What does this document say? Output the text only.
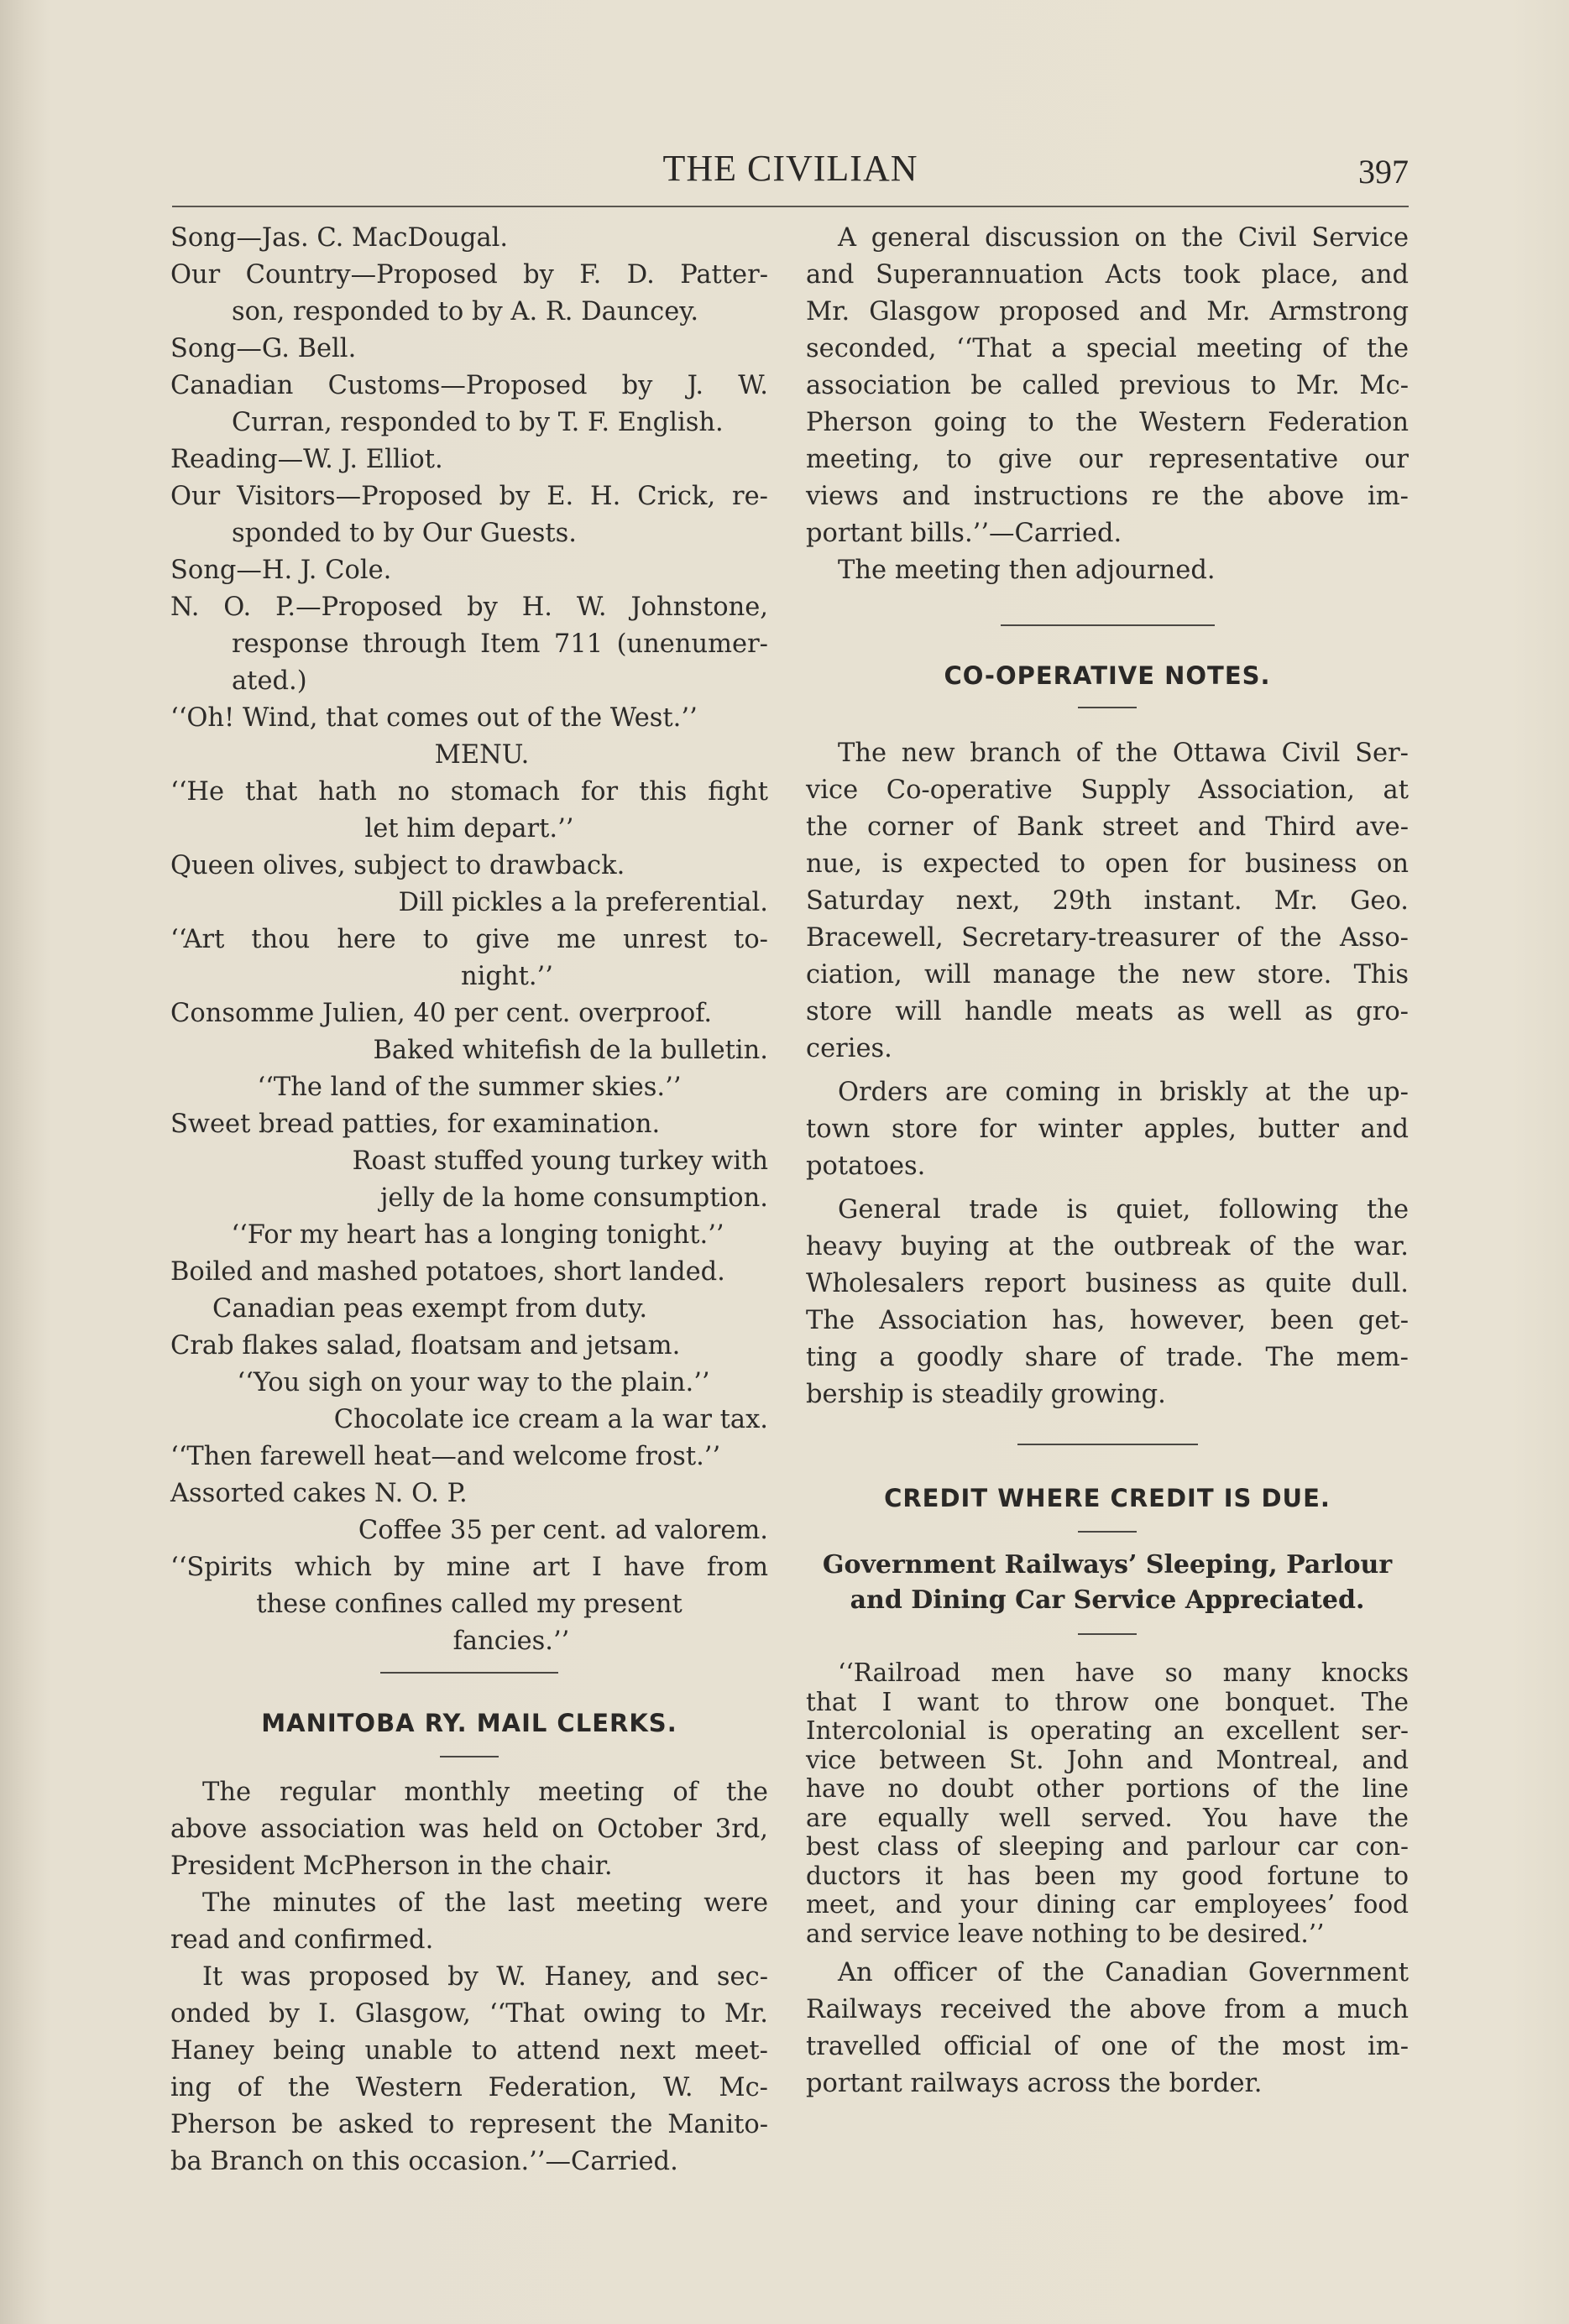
THE CIVILIAN	397
Song—Jas. C. MacDougal.
Our Country—Proposed by F. D. Patter-
son, responded to by A. R. Dauncey.
Song—G. Bell.
Canadian Customs—Proposed by J. W.
Curran, responded to by T. F. English.
Reading—W. J. Elliot.
Our Visitors—Proposed by E. H. Crick, re-
sponded to by Our Guests.
Song—H. J. Cole.
N. O. P.—Proposed by H. W. Johnstone,
response through Item 711 (unenumer-
ated.)
‘‘Oh! Wind, that comes out of the West.’’
MENU.
‘‘He that hath no stomach for this fight
let him depart.’’
Queen olives, subject to drawback.
Dill pickles a la preferential.
‘‘Art thou here to give me unrest to-
night.’’
Consomme Julien, 40 per cent. overproof.
Baked whitefish de la bulletin.
‘‘The land of the summer skies.’’
Sweet bread patties, for examination.
Roast stuffed young turkey with
jelly de la home consumption.
‘‘For my heart has a longing tonight.’’
Boiled and mashed potatoes, short landed.
Canadian peas exempt from duty.
Crab flakes salad, floatsam and jetsam.
‘‘You sigh on your way to the plain.’’
Chocolate ice cream a la war tax.
‘‘Then farewell heat—and welcome frost.’’
Assorted cakes N. O. P.
Coffee 35 per cent. ad valorem.
‘‘Spirits which by mine art I have from
these confines called my present
fancies.’’
MANITOBA RY. MAIL CLERKS.
The regular monthly meeting of the
above association was held on October 3rd,
President McPherson in the chair.
The minutes of the last meeting were
read and confirmed.
It was proposed by W. Haney, and sec-
onded by I. Glasgow, ‘‘That owing to Mr.
Haney being unable to attend next meet-
ing of the Western Federation, W. Mc-
Pherson be asked to represent the Manito-
ba Branch on this occasion.’’—Carried.
A general discussion on the Civil Service
and Superannuation Acts took place, and
Mr. Glasgow proposed and Mr. Armstrong
seconded, ‘‘That a special meeting of the
association be called previous to Mr. Mc-
Pherson going to the Western Federation
meeting, to give our representative our
views and instructions re the above im-
portant bills.’’—Carried.
The meeting then adjourned.
CO-OPERATIVE NOTES.
The new branch of the Ottawa Civil Ser-
vice Co-operative Supply Association, at
the corner of Bank street and Third ave-
nue, is expected to open for business on
Saturday next, 29th instant. Mr. Geo.
Bracewell, Secretary-treasurer of the Asso-
ciation, will manage the new store. This
store will handle meats as well as gro-
ceries.
Orders are coming in briskly at the up-
town store for winter apples, butter and
potatoes.
General trade is quiet, following the
heavy buying at the outbreak of the war.
Wholesalers report business as quite dull.
The Association has, however, been get-
ting a goodly share of trade. The mem-
bership is steadily growing.
CREDIT WHERE CREDIT IS DUE.
Government Railways’ Sleeping, Parlour
and Dining Car Service Appreciated.
‘‘Railroad men have so many knocks
that I want to throw one bonquet. The
Intercolonial is operating an excellent ser-
vice between St. John and Montreal, and
have no doubt other portions of the line
are equally well served. You have the
best class of sleeping and parlour car con-
ductors it has been my good fortune to
meet, and your dining car employees’ food
and service leave nothing to be desired.’’
An officer of the Canadian Government
Railways received the above from a much
travelled official of one of the most im-
portant railways across the border.
